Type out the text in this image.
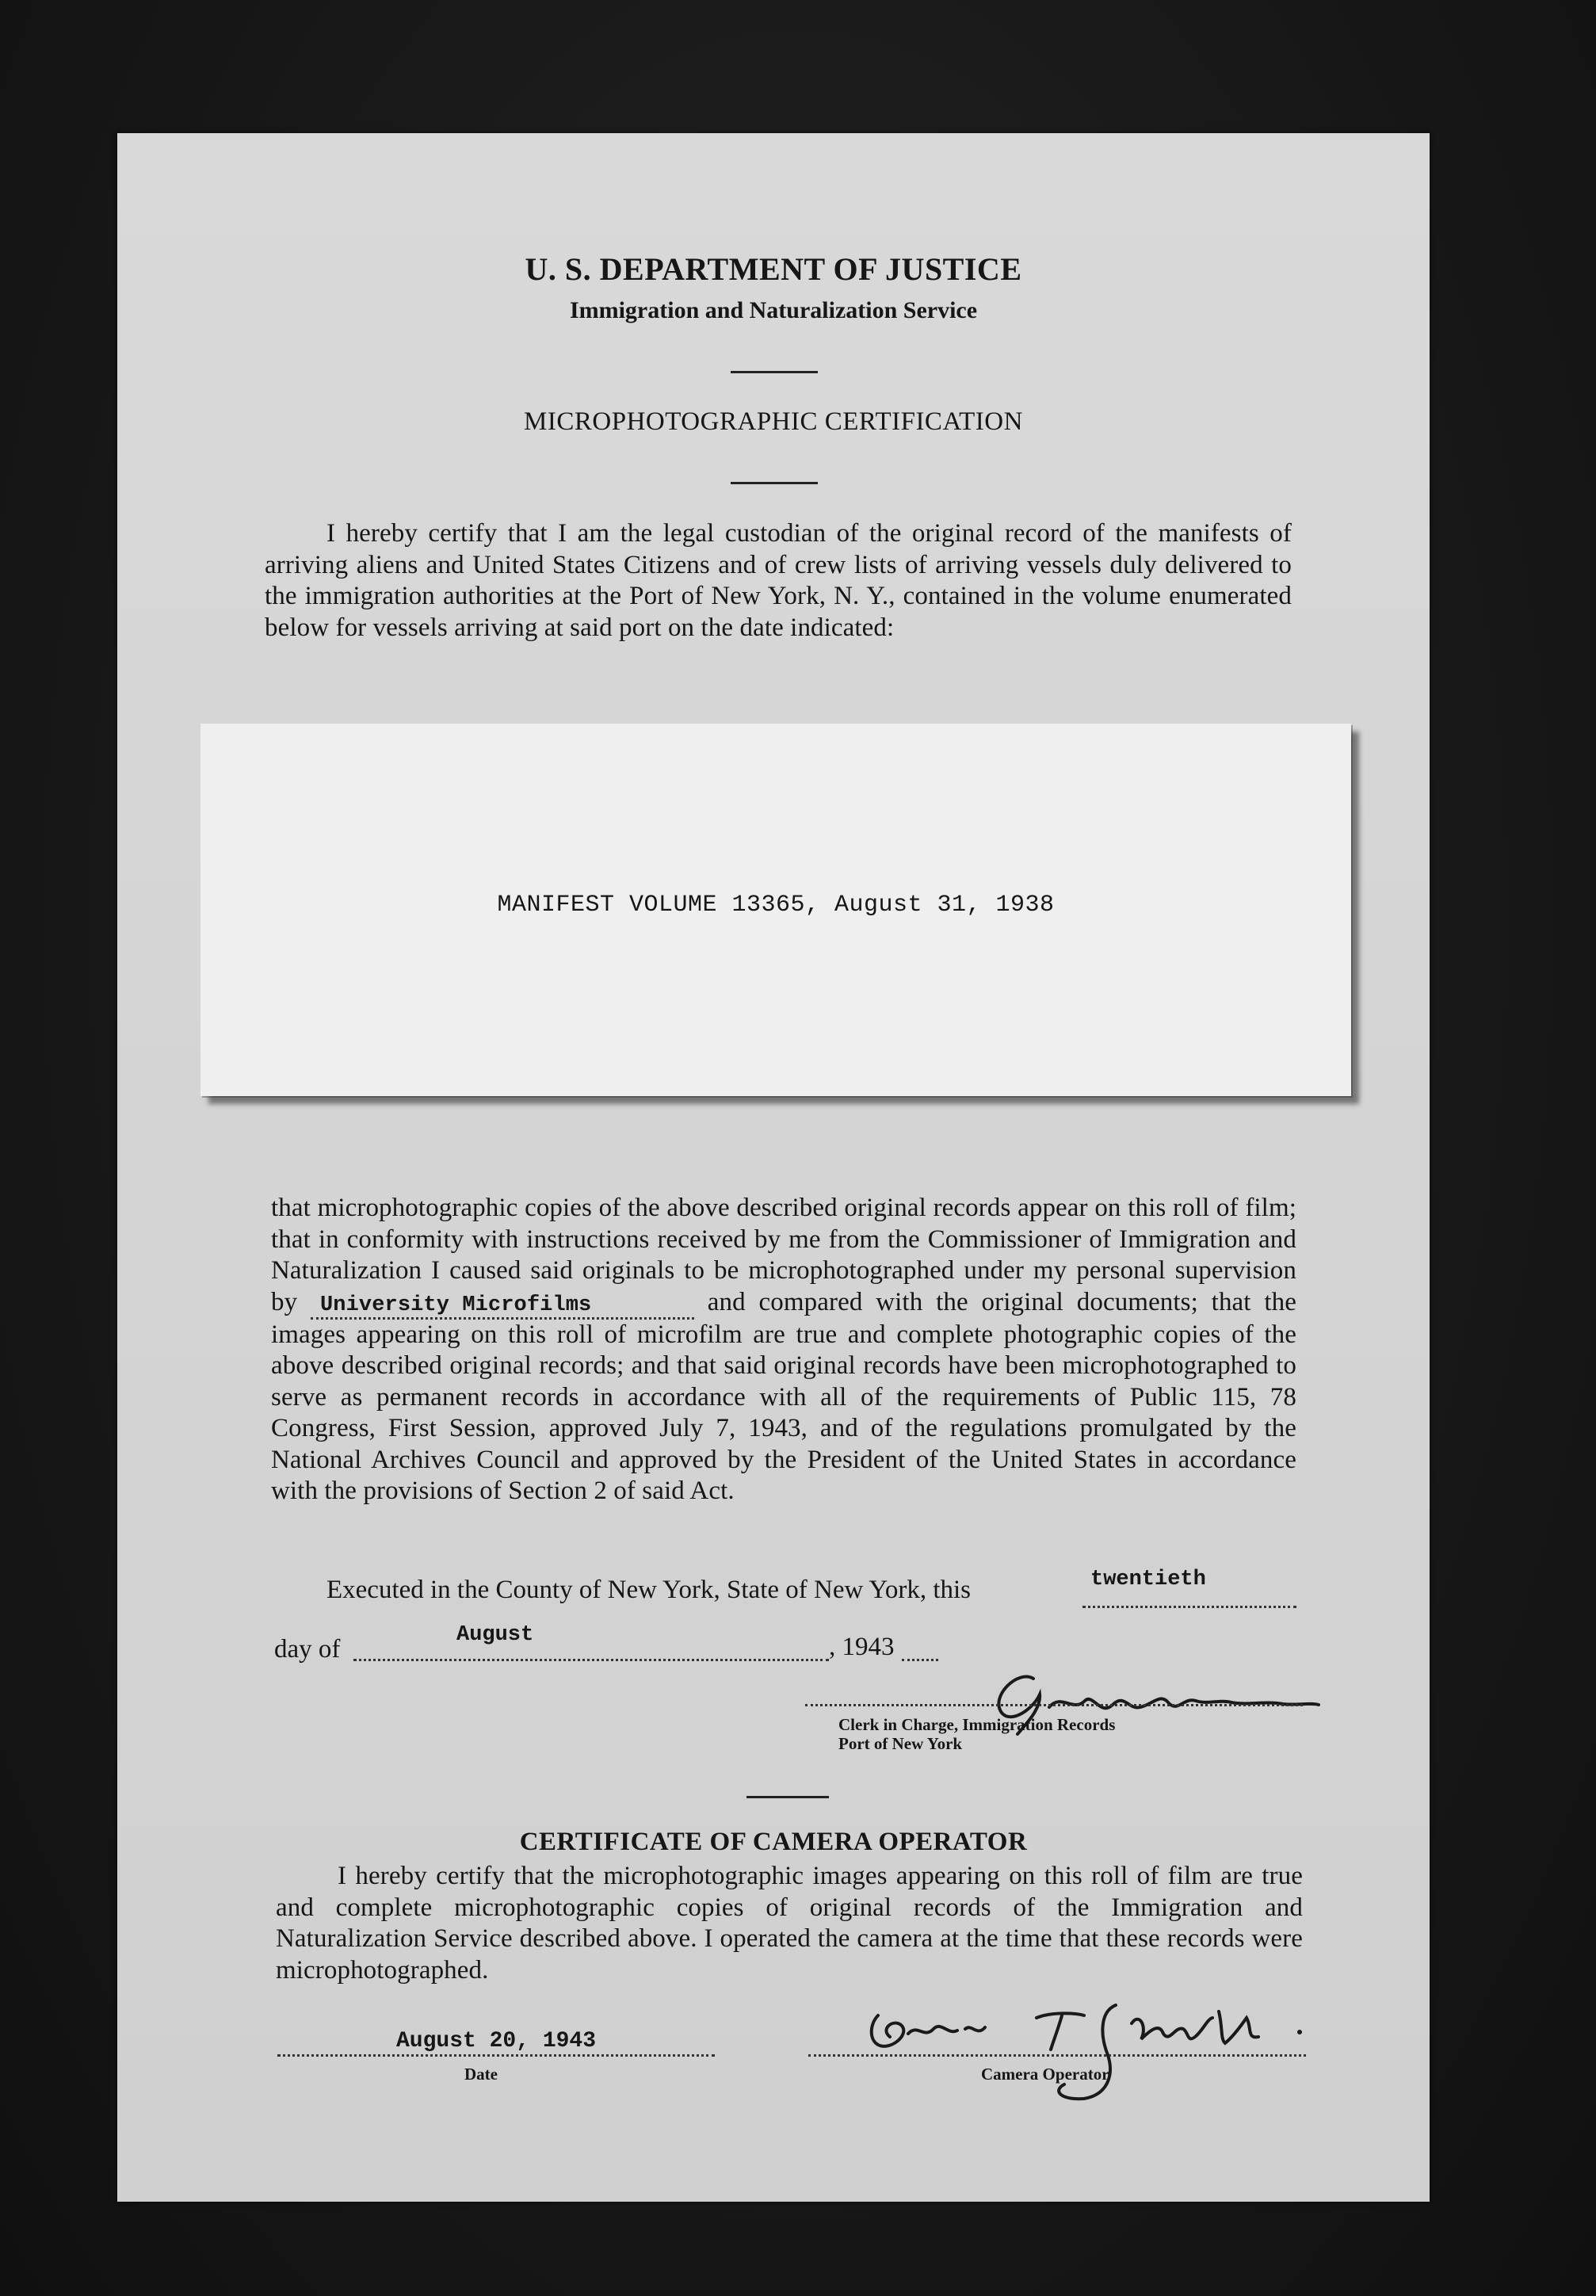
U. S. DEPARTMENT OF JUSTICE
Immigration and Naturalization Service
MICROPHOTOGRAPHIC CERTIFICATION
I hereby certify that I am the legal custodian of the original record of the manifests of arriving aliens and United States Citizens and of crew lists of arriving vessels duly delivered to the immigration authorities at the Port of New York, N. Y., contained in the volume enumerated below for vessels arriving at said port on the date indicated:
MANIFEST VOLUME 13365, August 31, 1938
that microphotographic copies of the above described original records appear on this roll of film; that in conformity with instructions received by me from the Commissioner of Immigration and Naturalization I caused said originals to be microphotographed under my personal supervision by University Microfilms	and compared with the original documents; that the images appearing on this roll of microfilm are true and complete photographic copies of the above described original records; and that said original records have been microphotographed to serve as permanent records in accordance with all of the requirements of Public 115, 78 Congress, First Session, approved July 7, 1943, and of the regulations promulgated by the National Archives Council and approved by the President of the United States in accordance with the provisions of Section 2 of said Act.
Executed in the County of New York, State of New York, this	twentieth
day of	August	, 1943
Clerk in Charge, Immigration Records
Port of New York
CERTIFICATE OF CAMERA OPERATOR
I hereby certify that the microphotographic images appearing on this roll of film are true and complete microphotographic copies of original records of the Immigration and Naturalization Service described above. I operated the camera at the time that these records were microphotographed.
August 20, 1943
Date	Camera Operator
